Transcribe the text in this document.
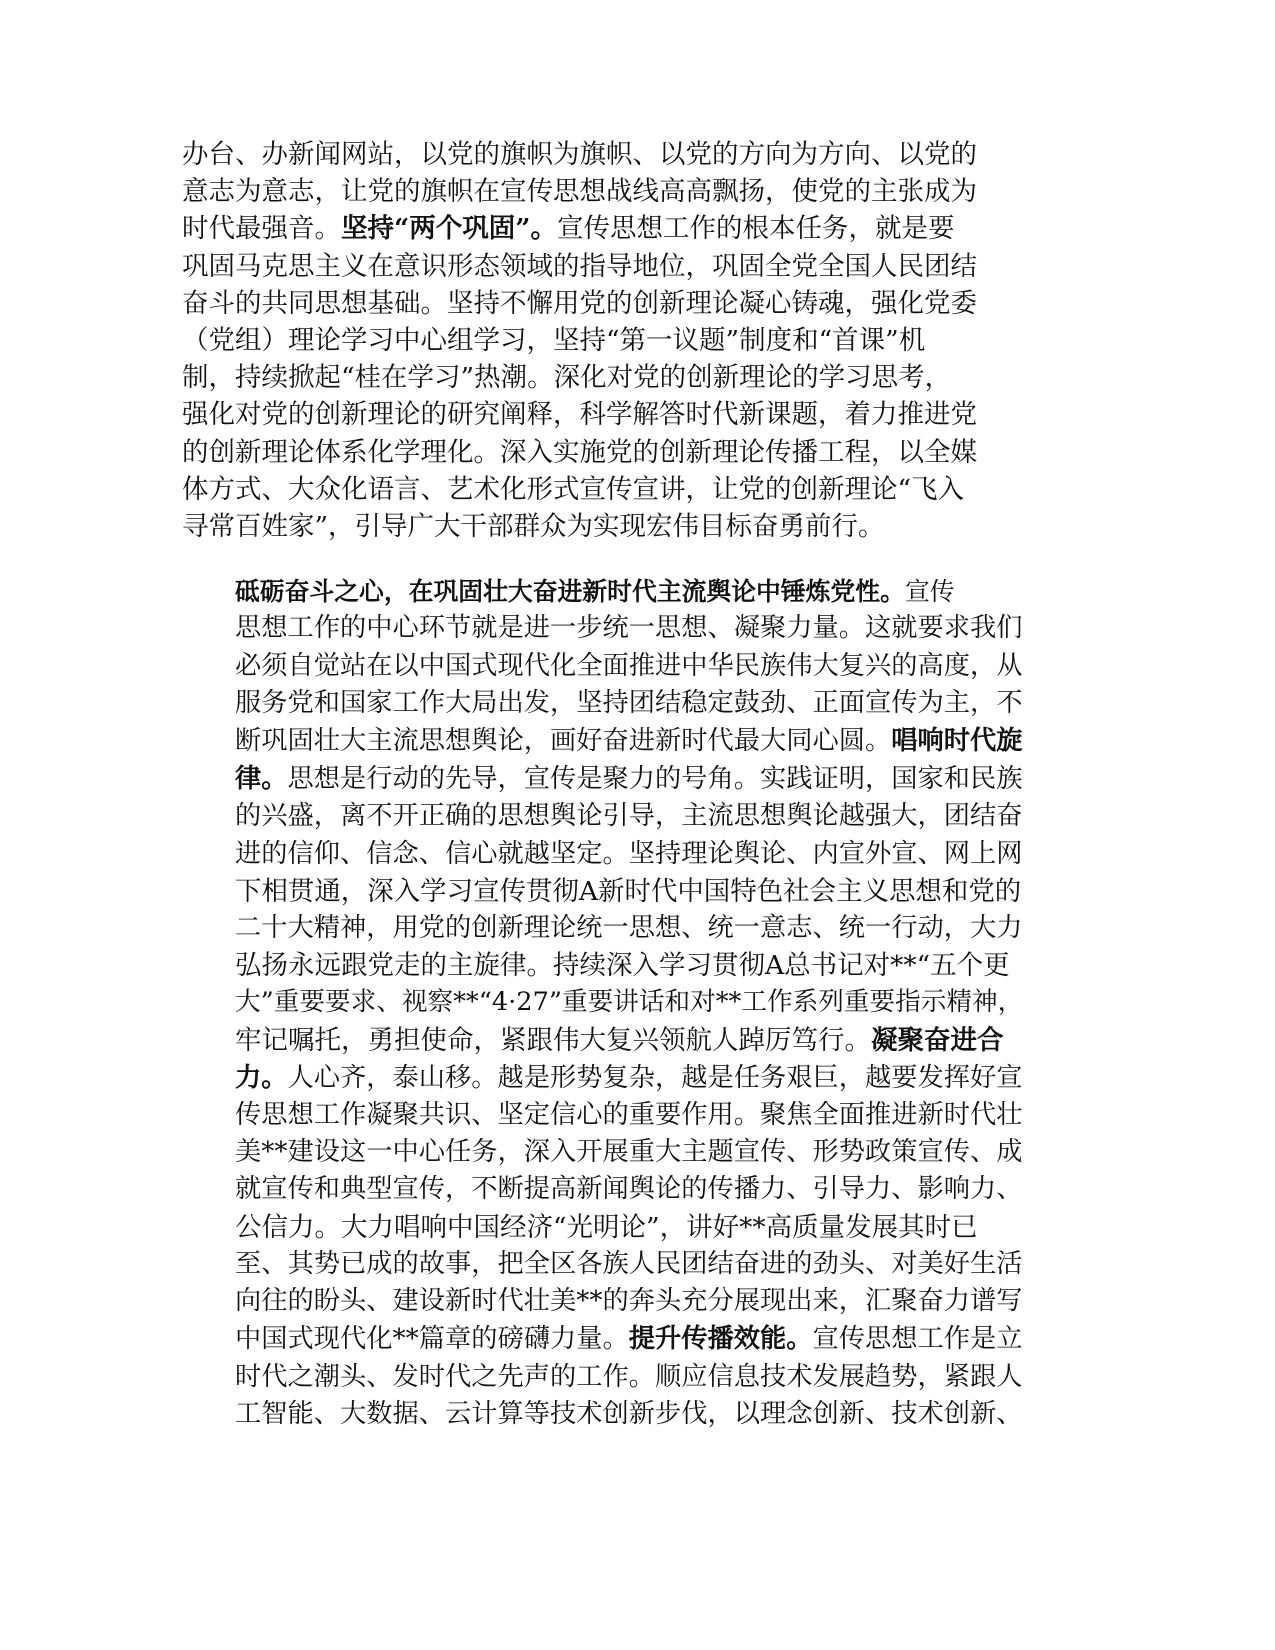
办台、办新闻网站，以党的旗帜为旗帜、以党的方向为方向、以党的
意志为意志，让党的旗帜在宣传思想战线高高飘扬，使党的主张成为
时代最强音。坚持“两个巩固”。宣传思想工作的根本任务，就是要
巩固马克思主义在意识形态领域的指导地位，巩固全党全国人民团结
奋斗的共同思想基础。坚持不懈用党的创新理论凝心铸魂，强化党委
（党组）理论学习中心组学习，坚持“第一议题”制度和“首课”机
制，持续掀起“桂在学习”热潮。深化对党的创新理论的学习思考，
强化对党的创新理论的研究阐释，科学解答时代新课题，着力推进党
的创新理论体系化学理化。深入实施党的创新理论传播工程，以全媒
体方式、大众化语言、艺术化形式宣传宣讲，让党的创新理论“飞入
寻常百姓家”，引导广大干部群众为实现宏伟目标奋勇前行。

砥砺奋斗之心，在巩固壮大奋进新时代主流舆论中锤炼党性。宣传
思想工作的中心环节就是进一步统一思想、凝聚力量。这就要求我们
必须自觉站在以中国式现代化全面推进中华民族伟大复兴的高度，从
服务党和国家工作大局出发，坚持团结稳定鼓劲、正面宣传为主，不
断巩固壮大主流思想舆论，画好奋进新时代最大同心圆。唱响时代旋
律。思想是行动的先导，宣传是聚力的号角。实践证明，国家和民族
的兴盛，离不开正确的思想舆论引导，主流思想舆论越强大，团结奋
进的信仰、信念、信心就越坚定。坚持理论舆论、内宣外宣、网上网
下相贯通，深入学习宣传贯彻A新时代中国特色社会主义思想和党的
二十大精神，用党的创新理论统一思想、统一意志、统一行动，大力
弘扬永远跟党走的主旋律。持续深入学习贯彻A总书记对**“五个更
大”重要要求、视察**“4·27”重要讲话和对**工作系列重要指示精神，
牢记嘱托，勇担使命，紧跟伟大复兴领航人踔厉笃行。凝聚奋进合
力。人心齐，泰山移。越是形势复杂，越是任务艰巨，越要发挥好宣
传思想工作凝聚共识、坚定信心的重要作用。聚焦全面推进新时代壮
美**建设这一中心任务，深入开展重大主题宣传、形势政策宣传、成
就宣传和典型宣传，不断提高新闻舆论的传播力、引导力、影响力、
公信力。大力唱响中国经济“光明论”，讲好**高质量发展其时已
至、其势已成的故事，把全区各族人民团结奋进的劲头、对美好生活
向往的盼头、建设新时代壮美**的奔头充分展现出来，汇聚奋力谱写
中国式现代化**篇章的磅礴力量。提升传播效能。宣传思想工作是立
时代之潮头、发时代之先声的工作。顺应信息技术发展趋势，紧跟人
工智能、大数据、云计算等技术创新步伐，以理念创新、技术创新、
